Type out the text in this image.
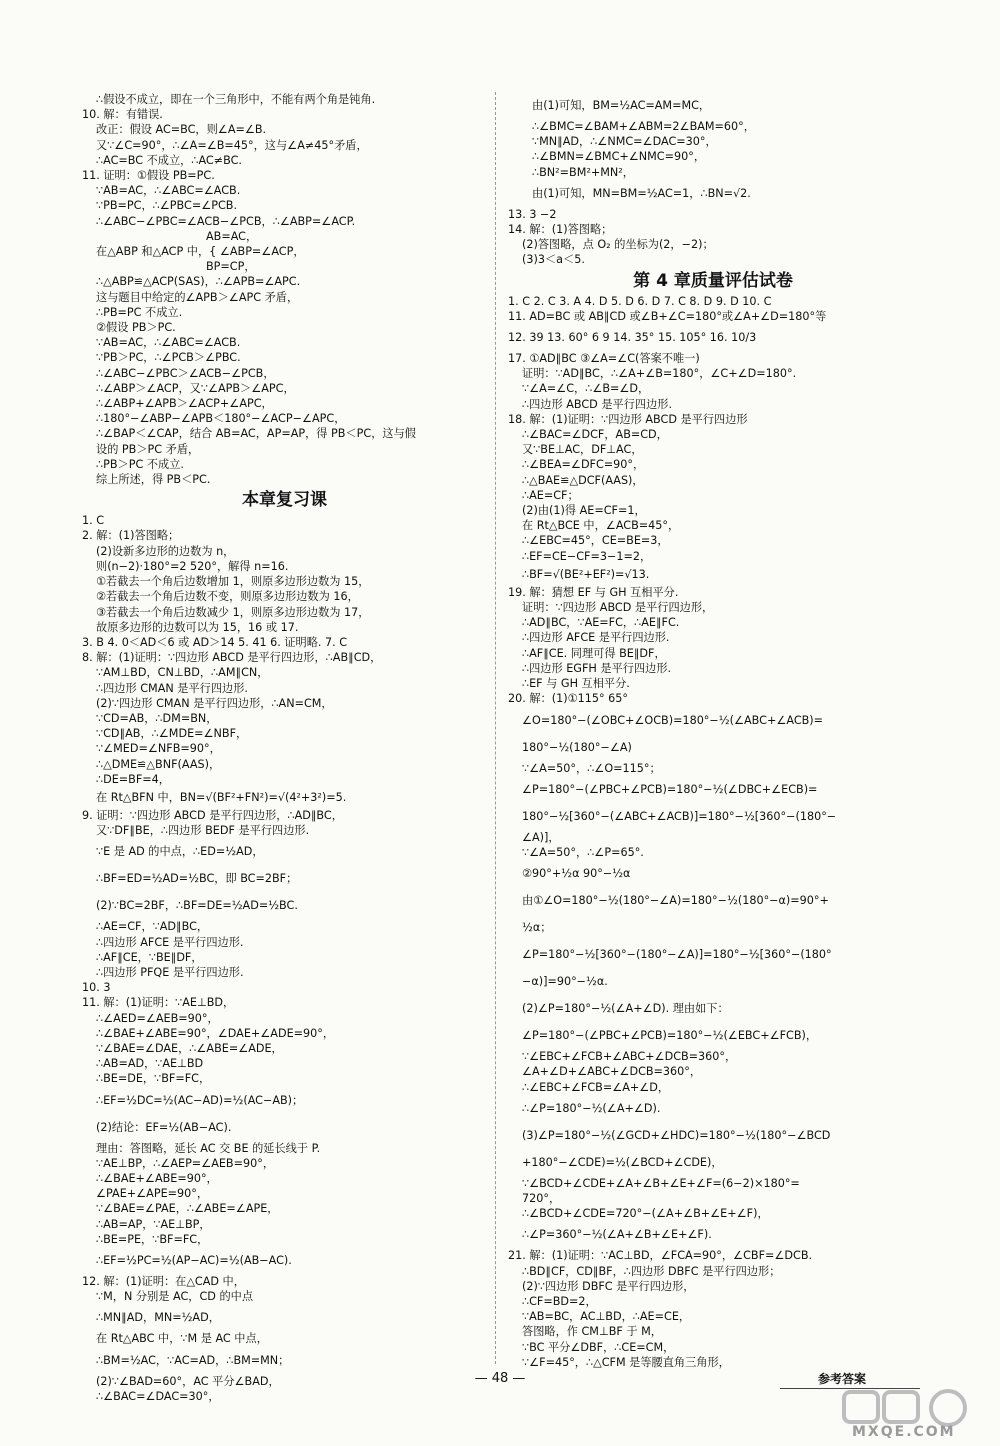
∴假设不成立，即在一个三角形中，不能有两个角是钝角.
10. 解：有错误.
改正：假设 AC=BC，则∠A=∠B.
又∵∠C=90°，∴∠A=∠B=45°，这与∠A≠45°矛盾，
∴AC=BC 不成立，∴AC≠BC.
11. 证明：①假设 PB=PC.
∵AB=AC，∴∠ABC=∠ACB.
∵PB=PC，∴∠PBC=∠PCB.
∴∠ABC−∠PBC=∠ACB−∠PCB，∴∠ABP=∠ACP.
AB=AC，
在△ABP 和△ACP 中，{ ∠ABP=∠ACP，
BP=CP，
∴△ABP≌△ACP(SAS)，∴∠APB=∠APC.
这与题目中给定的∠APB＞∠APC 矛盾，
∴PB=PC 不成立.
②假设 PB＞PC.
∵AB=AC，∴∠ABC=∠ACB.
∵PB＞PC，∴∠PCB＞∠PBC.
∴∠ABC−∠PBC＞∠ACB−∠PCB，
∴∠ABP＞∠ACP，又∵∠APB＞∠APC，
∴∠ABP+∠APB＞∠ACP+∠APC，
∴180°−∠ABP−∠APB＜180°−∠ACP−∠APC，
∴∠BAP＜∠CAP，结合 AB=AC，AP=AP，得 PB＜PC，这与假
设的 PB＞PC 矛盾，
∴PB＞PC 不成立.
综上所述，得 PB＜PC.
本章复习课
1. C
2. 解：(1)答图略；
(2)设新多边形的边数为 n，
则(n−2)·180°=2 520°，解得 n=16.
①若截去一个角后边数增加 1，则原多边形边数为 15，
②若截去一个角后边数不变，则原多边形边数为 16，
③若截去一个角后边数减少 1，则原多边形边数为 17，
故原多边形的边数可以为 15，16 或 17.
3. B 4. 0＜AD＜6 或 AD＞14 5. 41 6. 证明略. 7. C
8. 解：(1)证明：∵四边形 ABCD 是平行四边形，∴AB∥CD，
∵AM⊥BD，CN⊥BD，∴AM∥CN，
∴四边形 CMAN 是平行四边形.
(2)∵四边形 CMAN 是平行四边形，∴AN=CM，
∵CD=AB，∴DM=BN，
∵CD∥AB，∴∠MDE=∠NBF，
∵∠MED=∠NFB=90°，
∴△DME≌△BNF(AAS)，
∴DE=BF=4，
在 Rt△BFN 中，BN=√(BF²+FN²)=√(4²+3²)=5.
9. 证明：∵四边形 ABCD 是平行四边形，∴AD∥BC，
又∵DF∥BE，∴四边形 BEDF 是平行四边形.
∵E 是 AD 的中点，∴ED=½AD，
∴BF=ED=½AD=½BC，即 BC=2BF；
(2)∵BC=2BF，∴BF=DE=½AD=½BC.
∴AE=CF，∵AD∥BC，
∴四边形 AFCE 是平行四边形.
∴AF∥CE，∵BE∥DF，
∴四边形 PFQE 是平行四边形.
10. 3
11. 解：(1)证明：∵AE⊥BD，
∴∠AED=∠AEB=90°，
∴∠BAE+∠ABE=90°，∠DAE+∠ADE=90°，
∵∠BAE=∠DAE，∴∠ABE=∠ADE，
∴AB=AD，∵AE⊥BD
∴BE=DE，∵BF=FC，
∴EF=½DC=½(AC−AD)=½(AC−AB)；
(2)结论：EF=½(AB−AC).
理由：答图略，延长 AC 交 BE 的延长线于 P.
∵AE⊥BP，∴∠AEP=∠AEB=90°，
∴∠BAE+∠ABE=90°，
∠PAE+∠APE=90°，
∵∠BAE=∠PAE，∴∠ABE=∠APE，
∴AB=AP，∵AE⊥BP，
∴BE=PE，∵BF=FC，
∴EF=½PC=½(AP−AC)=½(AB−AC).
12. 解：(1)证明：在△CAD 中，
∵M，N 分别是 AC，CD 的中点
∴MN∥AD，MN=½AD，
在 Rt△ABC 中，∵M 是 AC 中点，
∴BM=½AC，∵AC=AD，∴BM=MN；
(2)∵∠BAD=60°，AC 平分∠BAD，
∴∠BAC=∠DAC=30°，
由(1)可知，BM=½AC=AM=MC，
∴∠BMC=∠BAM+∠ABM=2∠BAM=60°，
∵MN∥AD，∴∠NMC=∠DAC=30°，
∴∠BMN=∠BMC+∠NMC=90°，
∴BN²=BM²+MN²，
由(1)可知，MN=BM=½AC=1，∴BN=√2.
13. 3 −2
14. 解：(1)答图略；
(2)答图略，点 O₂ 的坐标为(2，−2)；
(3)3＜a＜5.
第 4 章质量评估试卷
1. C 2. C 3. A 4. D 5. D 6. D 7. C 8. D 9. D 10. C
11. AD=BC 或 AB∥CD 或∠B+∠C=180°或∠A+∠D=180°等
12. 39 13. 60° 6 9 14. 35° 15. 105° 16. 10/3
17. ①AD∥BC ③∠A=∠C(答案不唯一)
证明：∵AD∥BC，∴∠A+∠B=180°，∠C+∠D=180°.
∵∠A=∠C，∴∠B=∠D，
∴四边形 ABCD 是平行四边形.
18. 解：(1)证明：∵四边形 ABCD 是平行四边形
∴∠BAC=∠DCF，AB=CD，
又∵BE⊥AC，DF⊥AC，
∴∠BEA=∠DFC=90°，
∴△BAE≌△DCF(AAS)，
∴AE=CF；
(2)由(1)得 AE=CF=1，
在 Rt△BCE 中，∠ACB=45°，
∴∠EBC=45°，CE=BE=3，
∴EF=CE−CF=3−1=2，
∴BF=√(BE²+EF²)=√13.
19. 解：猜想 EF 与 GH 互相平分.
证明：∵四边形 ABCD 是平行四边形，
∴AD∥BC，∵AE=FC，∴AE∥FC.
∴四边形 AFCE 是平行四边形.
∴AF∥CE. 同理可得 BE∥DF，
∴四边形 EGFH 是平行四边形.
∴EF 与 GH 互相平分.
20. 解：(1)①115° 65°
∠O=180°−(∠OBC+∠OCB)=180°−½(∠ABC+∠ACB)=
180°−½(180°−∠A)
∵∠A=50°，∴∠O=115°；
∠P=180°−(∠PBC+∠PCB)=180°−½(∠DBC+∠ECB)=
180°−½[360°−(∠ABC+∠ACB)]=180°−½[360°−(180°−
∠A)]，
∵∠A=50°，∴∠P=65°.
②90°+½α 90°−½α
由①∠O=180°−½(180°−∠A)=180°−½(180°−α)=90°+
½α；
∠P=180°−½[360°−(180°−∠A)]=180°−½[360°−(180°
−α)]=90°−½α.
(2)∠P=180°−½(∠A+∠D). 理由如下：
∠P=180°−(∠PBC+∠PCB)=180°−½(∠EBC+∠FCB)，
∵∠EBC+∠FCB+∠ABC+∠DCB=360°，
∠A+∠D+∠ABC+∠DCB=360°，
∴∠EBC+∠FCB=∠A+∠D，
∴∠P=180°−½(∠A+∠D).
(3)∠P=180°−½(∠GCD+∠HDC)=180°−½(180°−∠BCD
+180°−∠CDE)=½(∠BCD+∠CDE)，
∵∠BCD+∠CDE+∠A+∠B+∠E+∠F=(6−2)×180°=
720°，
∴∠BCD+∠CDE=720°−(∠A+∠B+∠E+∠F)，
∴∠P=360°−½(∠A+∠B+∠E+∠F).
21. 解：(1)证明：∵AC⊥BD，∠FCA=90°，∠CBF=∠DCB.
∴BD∥CF，CD∥BF，∴四边形 DBFC 是平行四边形；
(2)∵四边形 DBFC 是平行四边形，
∴CF=BD=2，
∵AB=BC，AC⊥BD，∴AE=CE，
答图略，作 CM⊥BF 于 M，
∵BC 平分∠DBF，∴CE=CM，
∵∠F=45°，∴△CFM 是等腰直角三角形，
— 48 —	参考答案
MXQE.COM
